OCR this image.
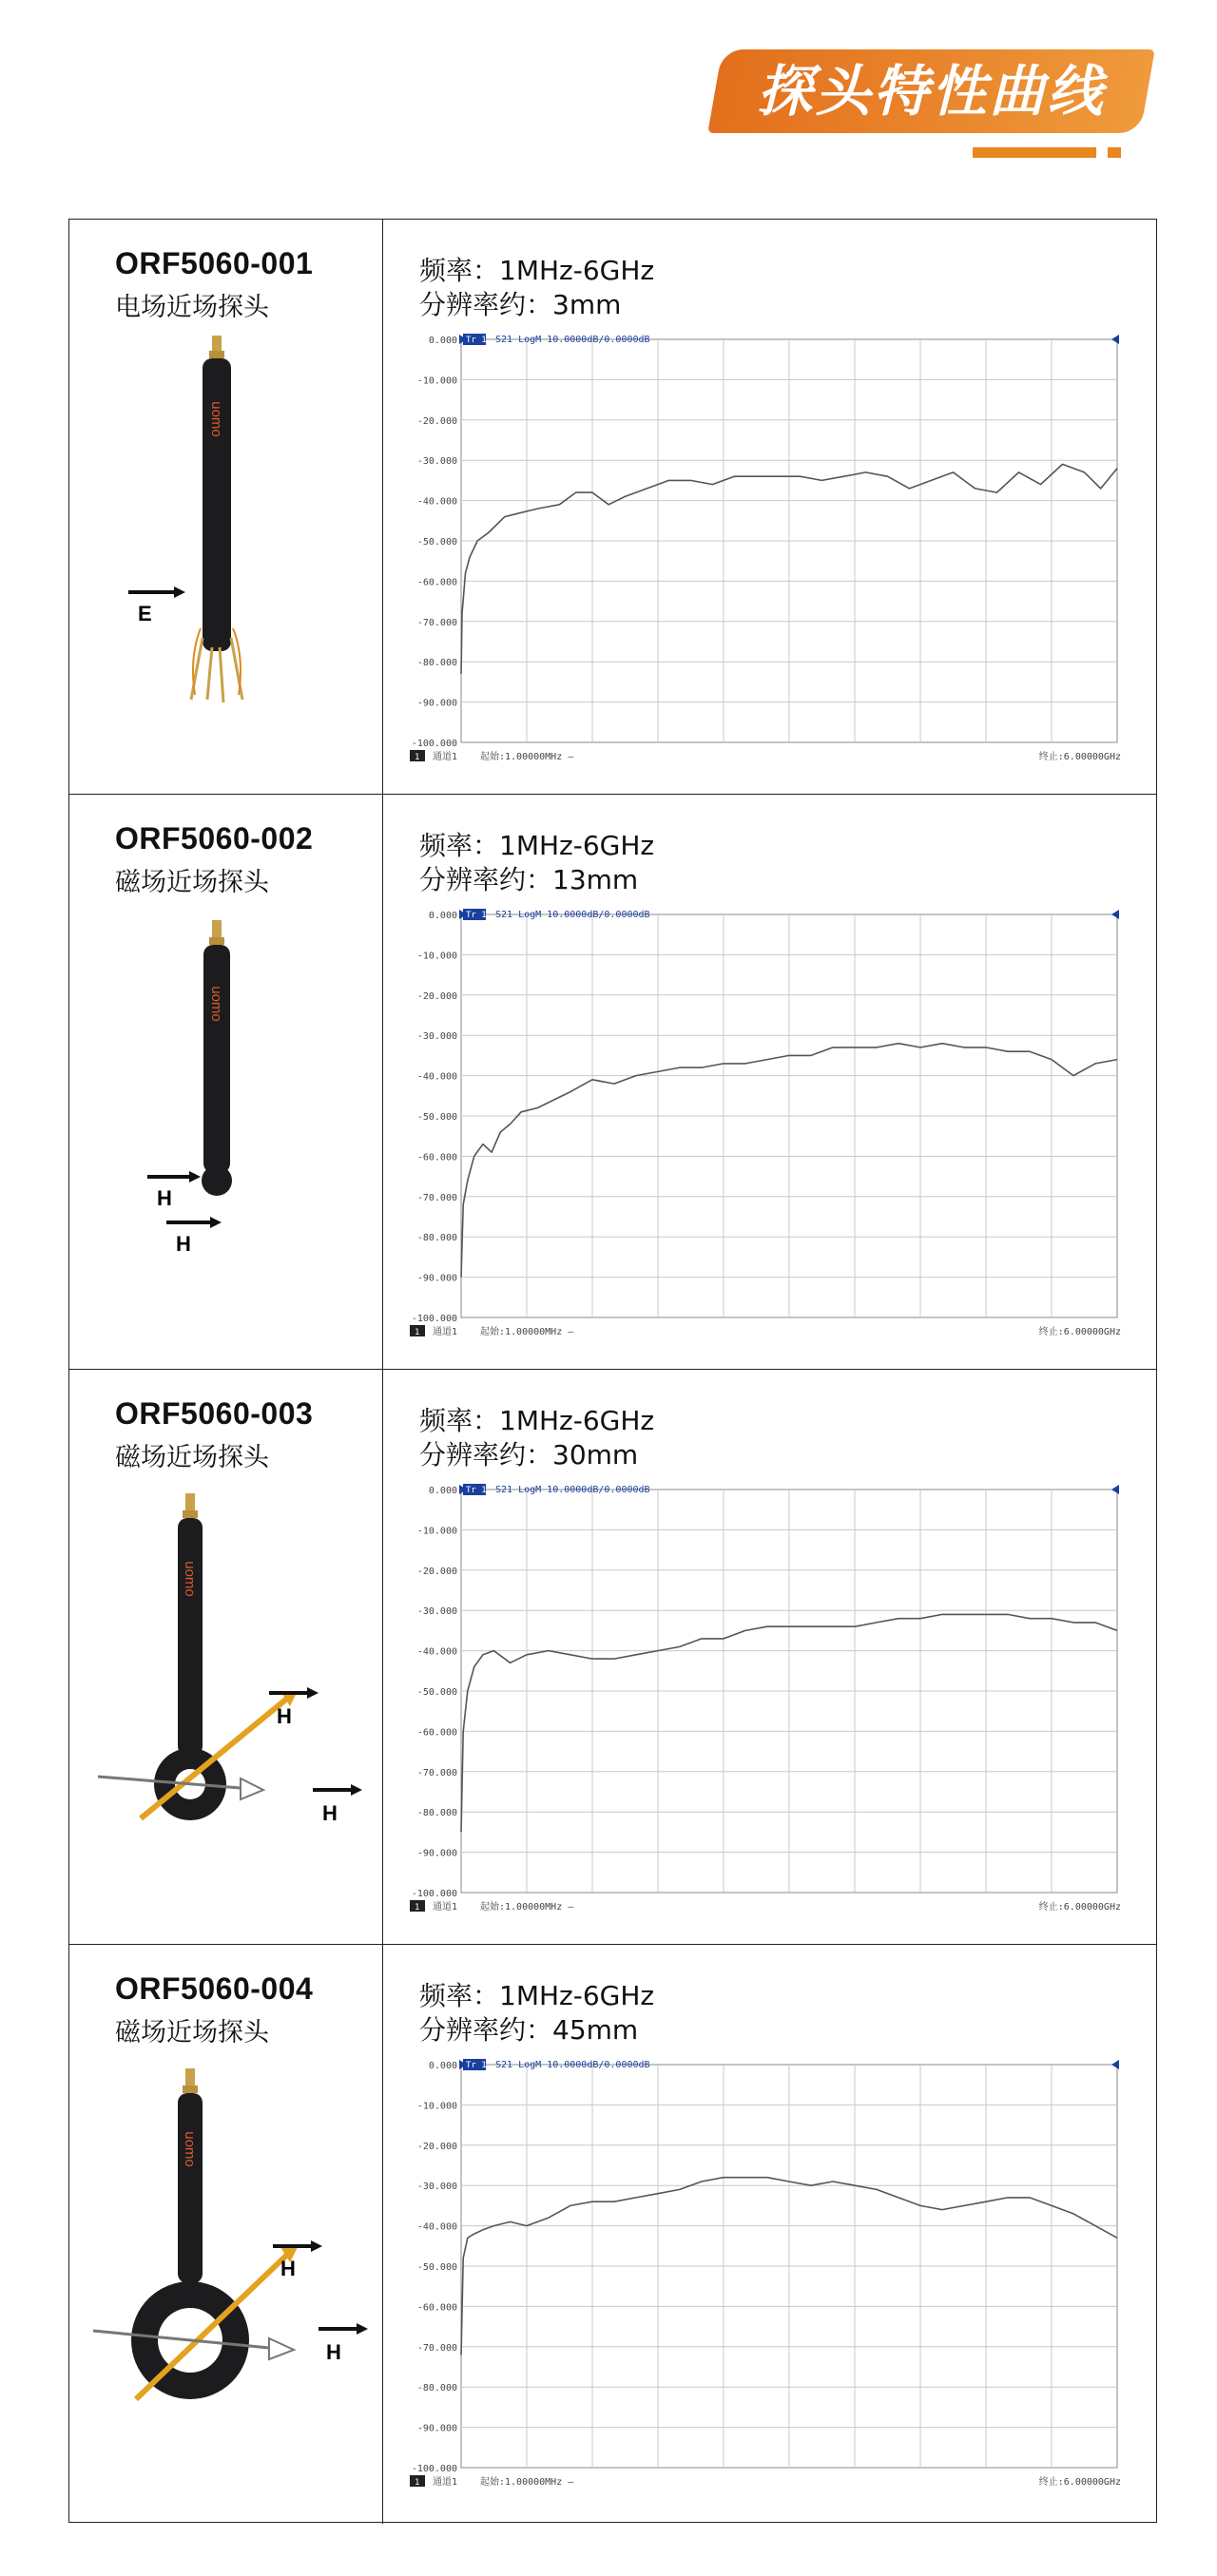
探头特性曲线
ORF5060-001
电场近场探头
uomo
E
频率：1MHz-6GHz
分辨率约：3mm
0.000
-10.000
-20.000
-30.000
-40.000
-50.000
-60.000
-70.000
-80.000
-90.000
-100.000
Tr 1 S21 LogM 10.0000dB/0.0000dB
1 通道1 起始:1.00000MHz —	终止:6.00000GHz
ORF5060-002
磁场近场探头
uomo
H
H
频率：1MHz-6GHz
分辨率约：13mm
0.000
-10.000
-20.000
-30.000
-40.000
-50.000
-60.000
-70.000
-80.000
-90.000
-100.000
Tr 1 S21 LogM 10.0000dB/0.0000dB
1 通道1 起始:1.00000MHz —	终止:6.00000GHz
ORF5060-003
磁场近场探头
uomo
H
H
频率：1MHz-6GHz
分辨率约：30mm
0.000
-10.000
-20.000
-30.000
-40.000
-50.000
-60.000
-70.000
-80.000
-90.000
-100.000
Tr 1 S21 LogM 10.0000dB/0.0000dB
1 通道1 起始:1.00000MHz —	终止:6.00000GHz
ORF5060-004
磁场近场探头
uomo
H
H
频率：1MHz-6GHz
分辨率约：45mm
0.000
-10.000
-20.000
-30.000
-40.000
-50.000
-60.000
-70.000
-80.000
-90.000
-100.000
Tr 1 S21 LogM 10.0000dB/0.0000dB
1 通道1 起始:1.00000MHz —	终止:6.00000GHz
